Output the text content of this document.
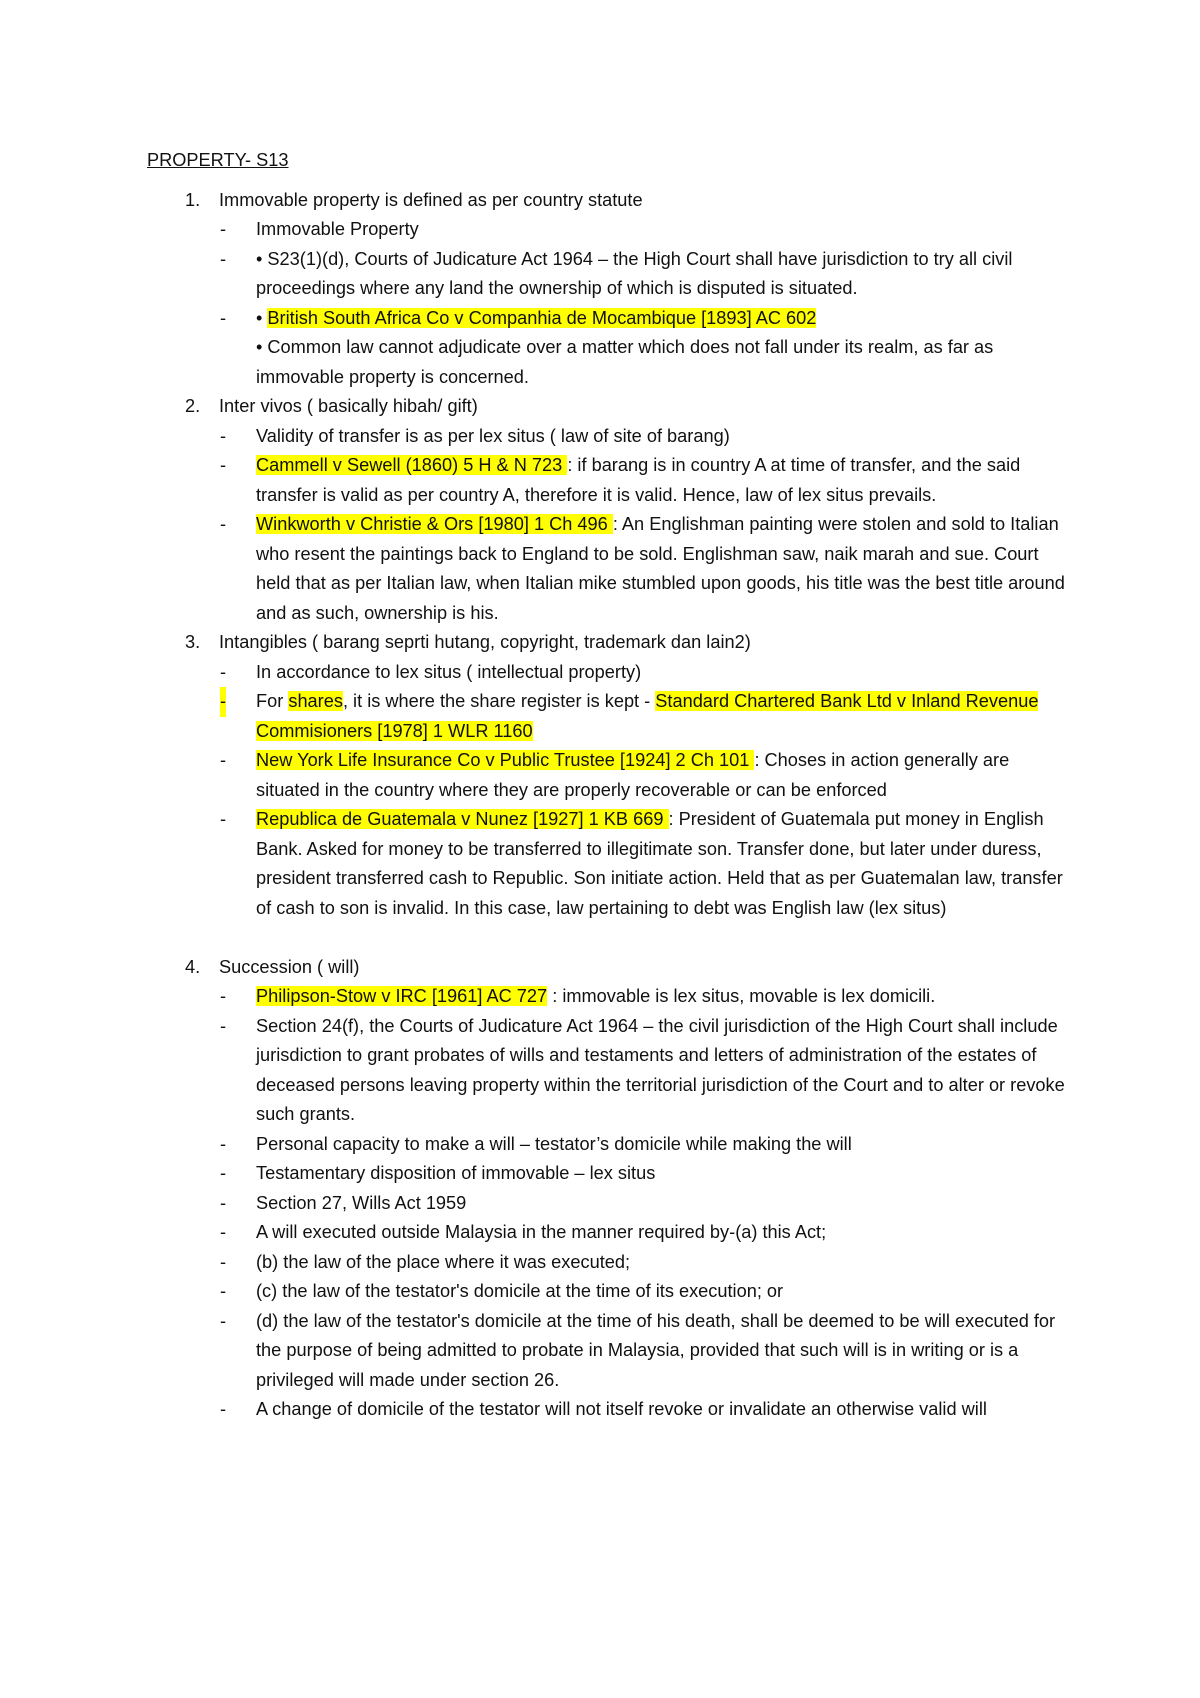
PROPERTY- S13
1. Immovable property is defined as per country statute
- Immovable Property
- • S23(1)(d), Courts of Judicature Act 1964 – the High Court shall have jurisdiction to try all civil proceedings where any land the ownership of which is disputed is situated.
- • British South Africa Co v Companhia de Mocambique [1893] AC 602
• Common law cannot adjudicate over a matter which does not fall under its realm, as far as immovable property is concerned.
2. Inter vivos ( basically hibah/ gift)
- Validity of transfer is as per lex situs ( law of site of barang)
- Cammell v Sewell (1860) 5 H & N 723 : if barang is in country A at time of transfer, and the said transfer is valid as per country A, therefore it is valid. Hence, law of lex situs prevails.
- Winkworth v Christie & Ors [1980] 1 Ch 496 : An Englishman painting were stolen and sold to Italian who resent the paintings back to England to be sold. Englishman saw, naik marah and sue. Court held that as per Italian law, when Italian mike stumbled upon goods, his title was the best title around and as such, ownership is his.
3. Intangibles ( barang seprti hutang, copyright, trademark dan lain2)
- In accordance to lex situs ( intellectual property)
- For shares, it is where the share register is kept - Standard Chartered Bank Ltd v Inland Revenue Commisioners [1978] 1 WLR 1160
- New York Life Insurance Co v Public Trustee [1924] 2 Ch 101 : Choses in action generally are situated in the country where they are properly recoverable or can be enforced
- Republica de Guatemala v Nunez [1927] 1 KB 669 : President of Guatemala put money in English Bank. Asked for money to be transferred to illegitimate son. Transfer done, but later under duress, president transferred cash to Republic. Son initiate action. Held that as per Guatemalan law, transfer of cash to son is invalid. In this case, law pertaining to debt was English law (lex situs)
4. Succession ( will)
- Philipson-Stow v IRC [1961] AC 727 : immovable is lex situs, movable is lex domicili.
- Section 24(f), the Courts of Judicature Act 1964 – the civil jurisdiction of the High Court shall include jurisdiction to grant probates of wills and testaments and letters of administration of the estates of deceased persons leaving property within the territorial jurisdiction of the Court and to alter or revoke such grants.
- Personal capacity to make a will – testator’s domicile while making the will
- Testamentary disposition of immovable – lex situs
- Section 27, Wills Act 1959
- A will executed outside Malaysia in the manner required by-(a) this Act;
- (b) the law of the place where it was executed;
- (c) the law of the testator's domicile at the time of its execution; or
- (d) the law of the testator's domicile at the time of his death, shall be deemed to be will executed for the purpose of being admitted to probate in Malaysia, provided that such will is in writing or is a privileged will made under section 26.
- A change of domicile of the testator will not itself revoke or invalidate an otherwise valid will
